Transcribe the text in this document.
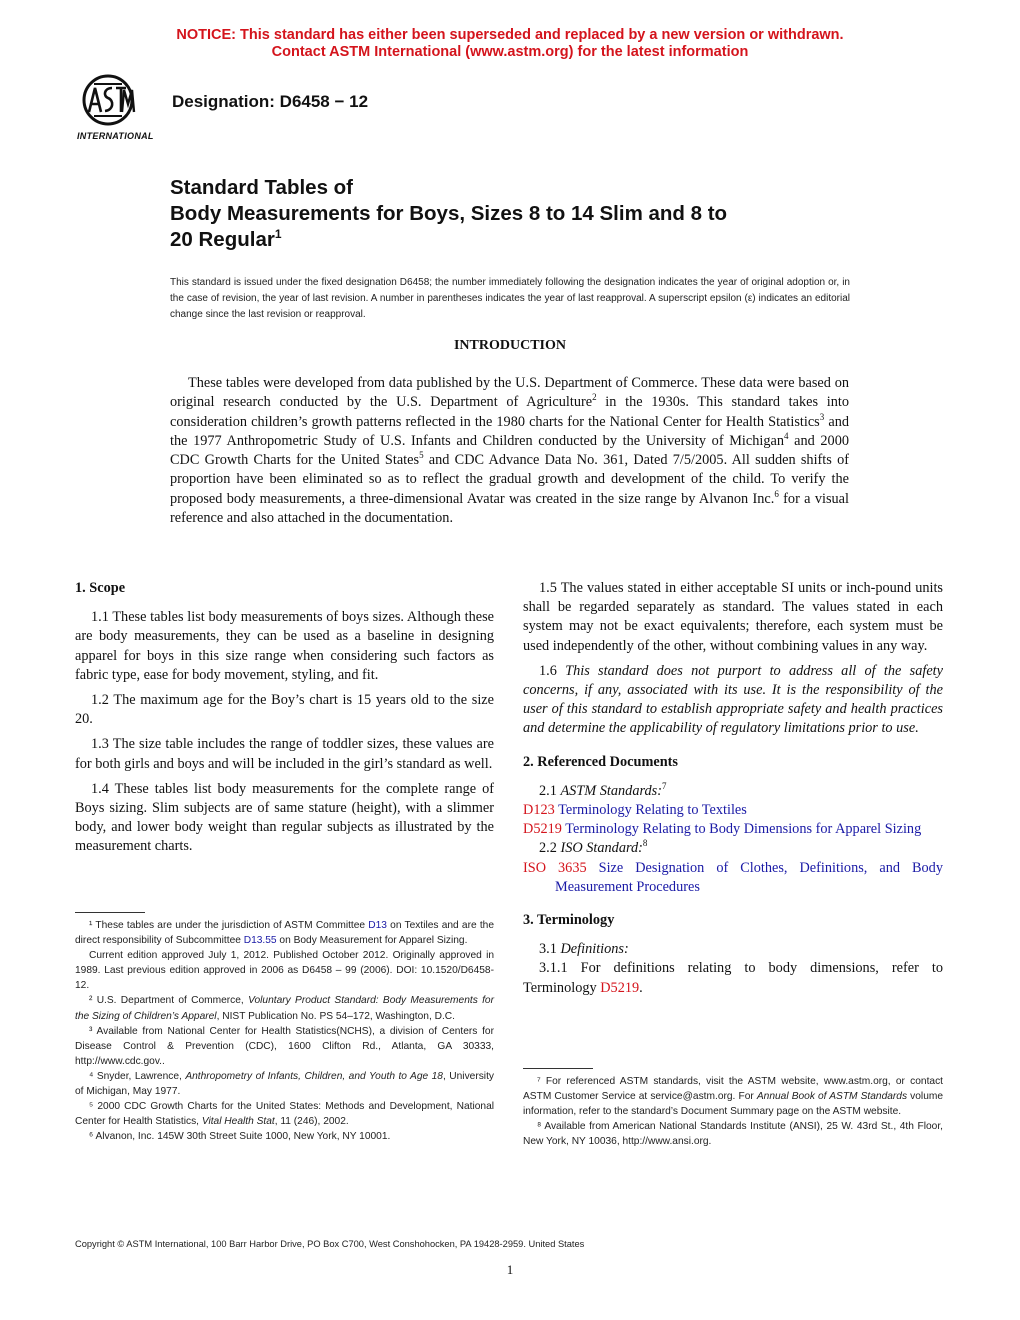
NOTICE: This standard has either been superseded and replaced by a new version or withdrawn.
Contact ASTM International (www.astm.org) for the latest information
INTERNATIONAL
Designation: D6458 − 12
Standard Tables of
Body Measurements for Boys, Sizes 8 to 14 Slim and 8 to
20 Regular$^1$
This standard is issued under the fixed designation D6458; the number immediately following the designation indicates the year of original adoption or, in the case of revision, the year of last revision. A number in parentheses indicates the year of last reapproval. A superscript epsilon (ε) indicates an editorial change since the last revision or reapproval.
INTRODUCTION
These tables were developed from data published by the U.S. Department of Commerce. These data were based on original research conducted by the U.S. Department of Agriculture$^2$ in the 1930s. This standard takes into consideration children’s growth patterns reflected in the 1980 charts for the National Center for Health Statistics$^3$ and the 1977 Anthropometric Study of U.S. Infants and Children conducted by the University of Michigan$^4$ and 2000 CDC Growth Charts for the United States$^5$ and CDC Advance Data No. 361, Dated 7/5/2005. All sudden shifts of proportion have been eliminated so as to reflect the gradual growth and development of the child. To verify the proposed body measurements, a three-dimensional Avatar was created in the size range by Alvanon Inc.$^6$ for a visual reference and also attached in the documentation.
1. Scope

1.1 These tables list body measurements of boys sizes. Although these are body measurements, they can be used as a baseline in designing apparel for boys in this size range when considering such factors as fabric type, ease for body movement, styling, and fit.

1.2 The maximum age for the Boy’s chart is 15 years old to the size 20.

1.3 The size table includes the range of toddler sizes, these values are for both girls and boys and will be included in the girl’s standard as well.

1.4 These tables list body measurements for the complete range of Boys sizing. Slim subjects are of same stature (height), with a slimmer body, and lower body weight than regular subjects as illustrated by the measurement charts.

¹ These tables are under the jurisdiction of ASTM Committee D13 on Textiles and are the direct responsibility of Subcommittee D13.55 on Body Measurement for Apparel Sizing.

Current edition approved July 1, 2012. Published October 2012. Originally approved in 1989. Last previous edition approved in 2006 as D6458 – 99 (2006). DOI: 10.1520/D6458-12.

² U.S. Department of Commerce, Voluntary Product Standard: Body Measurements for the Sizing of Children’s Apparel, NIST Publication No. PS 54–172, Washington, D.C.

³ Available from National Center for Health Statistics(NCHS), a division of Centers for Disease Control & Prevention (CDC), 1600 Clifton Rd., Atlanta, GA 30333, http://www.cdc.gov..

⁴ Snyder, Lawrence, Anthropometry of Infants, Children, and Youth to Age 18, University of Michigan, May 1977.

⁵ 2000 CDC Growth Charts for the United States: Methods and Development, National Center for Health Statistics, Vital Health Stat, 11 (246), 2002.

⁶ Alvanon, Inc. 145W 30th Street Suite 1000, New York, NY 10001.

1.5 The values stated in either acceptable SI units or inch-pound units shall be regarded separately as standard. The values stated in each system may not be exact equivalents; therefore, each system must be used independently of the other, without combining values in any way.

1.6 This standard does not purport to address all of the safety concerns, if any, associated with its use. It is the responsibility of the user of this standard to establish appropriate safety and health practices and determine the applicability of regulatory limitations prior to use.

2. Referenced Documents

2.1 ASTM Standards:$^7$

D123 Terminology Relating to Textiles
D5219 Terminology Relating to Body Dimensions for Apparel Sizing

2.2 ISO Standard:$^8$

ISO 3635 Size Designation of Clothes, Definitions, and Body Measurement Procedures
3. Terminology

3.1 Definitions:

3.1.1 For definitions relating to body dimensions, refer to Terminology D5219.

⁷ For referenced ASTM standards, visit the ASTM website, www.astm.org, or contact ASTM Customer Service at service@astm.org. For Annual Book of ASTM Standards volume information, refer to the standard’s Document Summary page on the ASTM website.

⁸ Available from American National Standards Institute (ANSI), 25 W. 43rd St., 4th Floor, New York, NY 10036, http://www.ansi.org.

Copyright © ASTM International, 100 Barr Harbor Drive, PO Box C700, West Conshohocken, PA 19428-2959. United States
1
